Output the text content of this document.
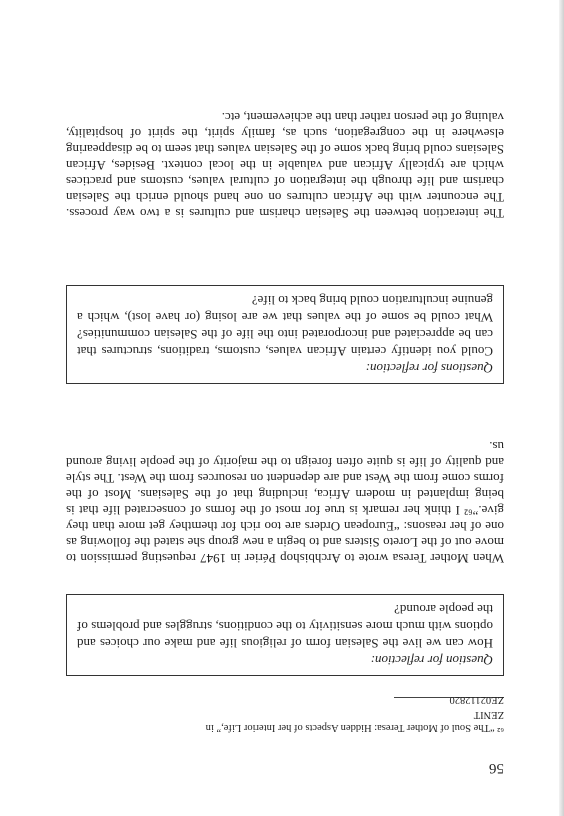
The interaction between the Salesian charism and cultures is a two way process. The encounter with the African cultures on one hand should enrich the Salesian charism and life through the integration of cultural values, customs and practices which are typically African and valuable in the local context. Besides, African Salesians could bring back some of the Salesian values that seem to be disappearing elsewhere in the congregation, such as, family spirit, the spirit of hospitality, valuing of the person rather than the achievement, etc.
Questions for reflection:
Could you identify certain African values, customs, traditions, structures that can be appreciated and incorporated into the life of the Salesian communities? What could be some of the values that we are losing (or have lost), which a genuine inculturation could bring back to life?
When Mother Teresa wrote to Archbishop Périer in 1947 requesting permission to move out of the Loreto Sisters and to begin a new group she stated the following as one of her reasons: “European Orders are too rich for themthey get more than they give.”⁶² I think her remark is true for most of the forms of consecrated life that is being implanted in modern Africa, including that of the Salesians. Most of the forms come from the West and are dependent on resources from the West. The style and quality of life is quite often foreign to the majority of the people living around us.
Question for reflection:
How can we live the Salesian form of religious life and make our choices and options with much more sensitivity to the conditions, struggles and problems of the people around?
⁶² “The Soul of Mother Teresa: Hidden Aspects of her Interior Life,” in ZENIT
ZE02112820
56
